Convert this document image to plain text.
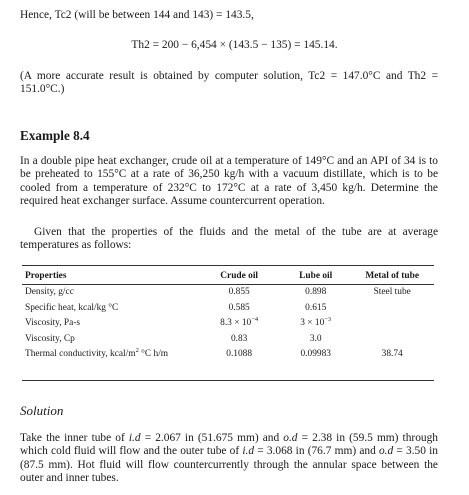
Hence, Tc2 (will be between 144 and 143) = 143.5,
Th2 = 200 − 6,454 × (143.5 − 135) = 145.14.
(A more accurate result is obtained by computer solution, Tc2 = 147.0°C and Th2 = 151.0°C.)
Example 8.4
In a double pipe heat exchanger, crude oil at a temperature of 149°C and an API of 34 is to be preheated to 155°C at a rate of 36,250 kg/h with a vacuum distillate, which is to be cooled from a temperature of 232°C to 172°C at a rate of 3,450 kg/h. Determine the required heat exchanger surface. Assume countercurrent operation.
Given that the properties of the fluids and the metal of the tube are at average temperatures as follows:
Properties	Crude oil	Lube oil	Metal of tube
Density, g/cc	0.855	0.898	Steel tube
Specific heat, kcal/kg °C	0.585	0.615	
Viscosity, Pa-s	$8.3 \times 10^{-4}$	$3 \times 10^{-3}$	
Viscosity, Cp	0.83	3.0	
Thermal conductivity, kcal/$m^2$ °C h/m	0.1088	0.09983	38.74
Solution
Take the inner tube of i.d = 2.067 in (51.675 mm) and o.d = 2.38 in (59.5 mm) through which cold fluid will flow and the outer tube of i.d = 3.068 in (76.7 mm) and o.d = 3.50 in (87.5 mm). Hot fluid will flow countercurrently through the annular space between the outer and inner tubes.
